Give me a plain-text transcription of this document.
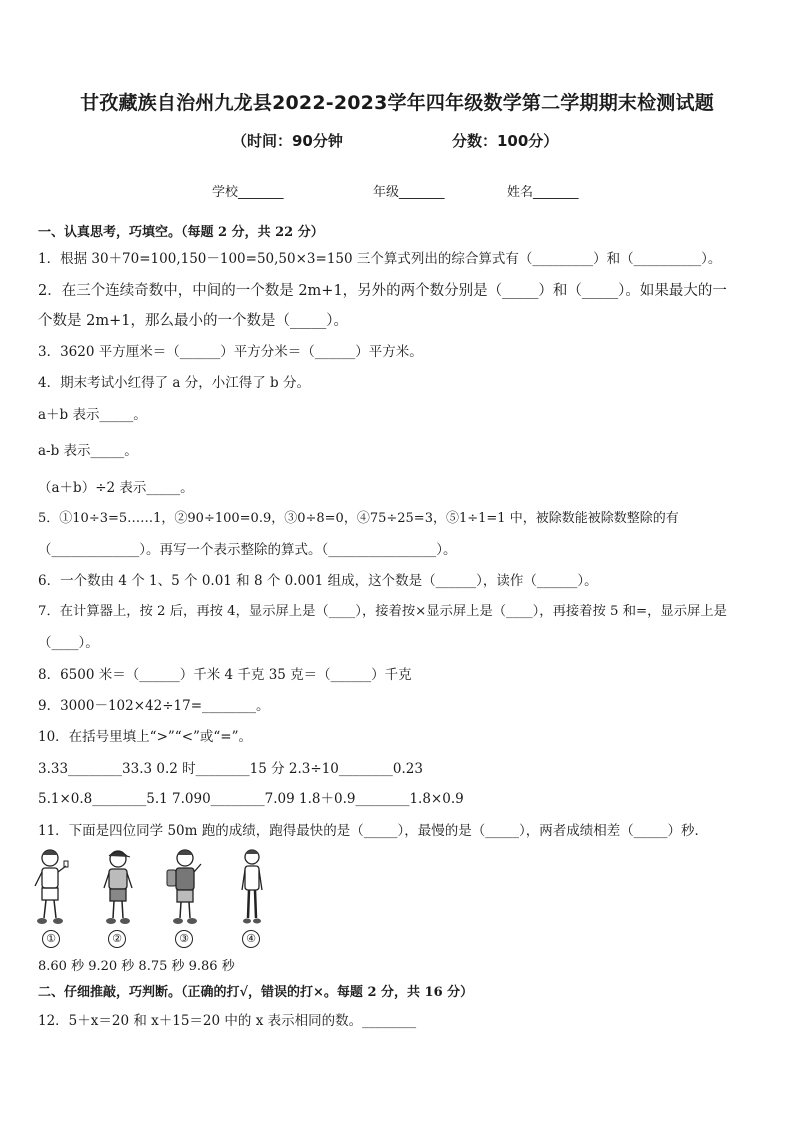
甘孜藏族自治州九龙县2022-2023学年四年级数学第二学期期末检测试题
（时间：90分钟	分数：100分）
学校_______	年级_______	姓名_______
一、认真思考，巧填空。（每题 2 分，共 22 分）
1．根据 30＋70=100,150－100=50,50×3=150 三个算式列出的综合算式有（_________）和（__________）。
2．在三个连续奇数中，中间的一个数是 2m+1，另外的两个数分别是（_____）和（_____）。如果最大的一
个数是 2m+1，那么最小的一个数是（_____）。
3．3620 平方厘米＝（______）平方分米＝（______）平方米。
4．期末考试小红得了 a 分，小江得了 b 分。
a＋b 表示_____。
a-b 表示_____。
（a＋b）÷2 表示_____。
5．①10÷3=5……1，②90÷100=0.9，③0÷8=0，④75÷25=3，⑤1÷1=1 中，被除数能被除数整除的有
（_____________）。再写一个表示整除的算式。（________________）。
6．一个数由 4 个 1、5 个 0.01 和 8 个 0.001 组成，这个数是（______），读作（______）。
7．在计算器上，按 2 后，再按 4，显示屏上是（____），接着按×显示屏上是（____），再接着按 5 和=，显示屏上是
（____）。
8．6500 米＝（______）千米 4 千克 35 克＝（______）千克
9．3000－102×42÷17=________。
10．在括号里填上“>”“<”或“=”。
3.33________33.3 0.2 时________15 分 2.3÷10________0.23
5.1×0.8________5.1 7.090________7.09 1.8＋0.9________1.8×0.9
11．下面是四位同学 50m 跑的成绩，跑得最快的是（_____），最慢的是（_____），两者成绩相差（_____）秒．
①	②	③	④
8.60 秒 9.20 秒 8.75 秒 9.86 秒
二、仔细推敲，巧判断。（正确的打√，错误的打×。每题 2 分，共 16 分）
12．5＋x＝20 和 x＋15＝20 中的 x 表示相同的数。________
